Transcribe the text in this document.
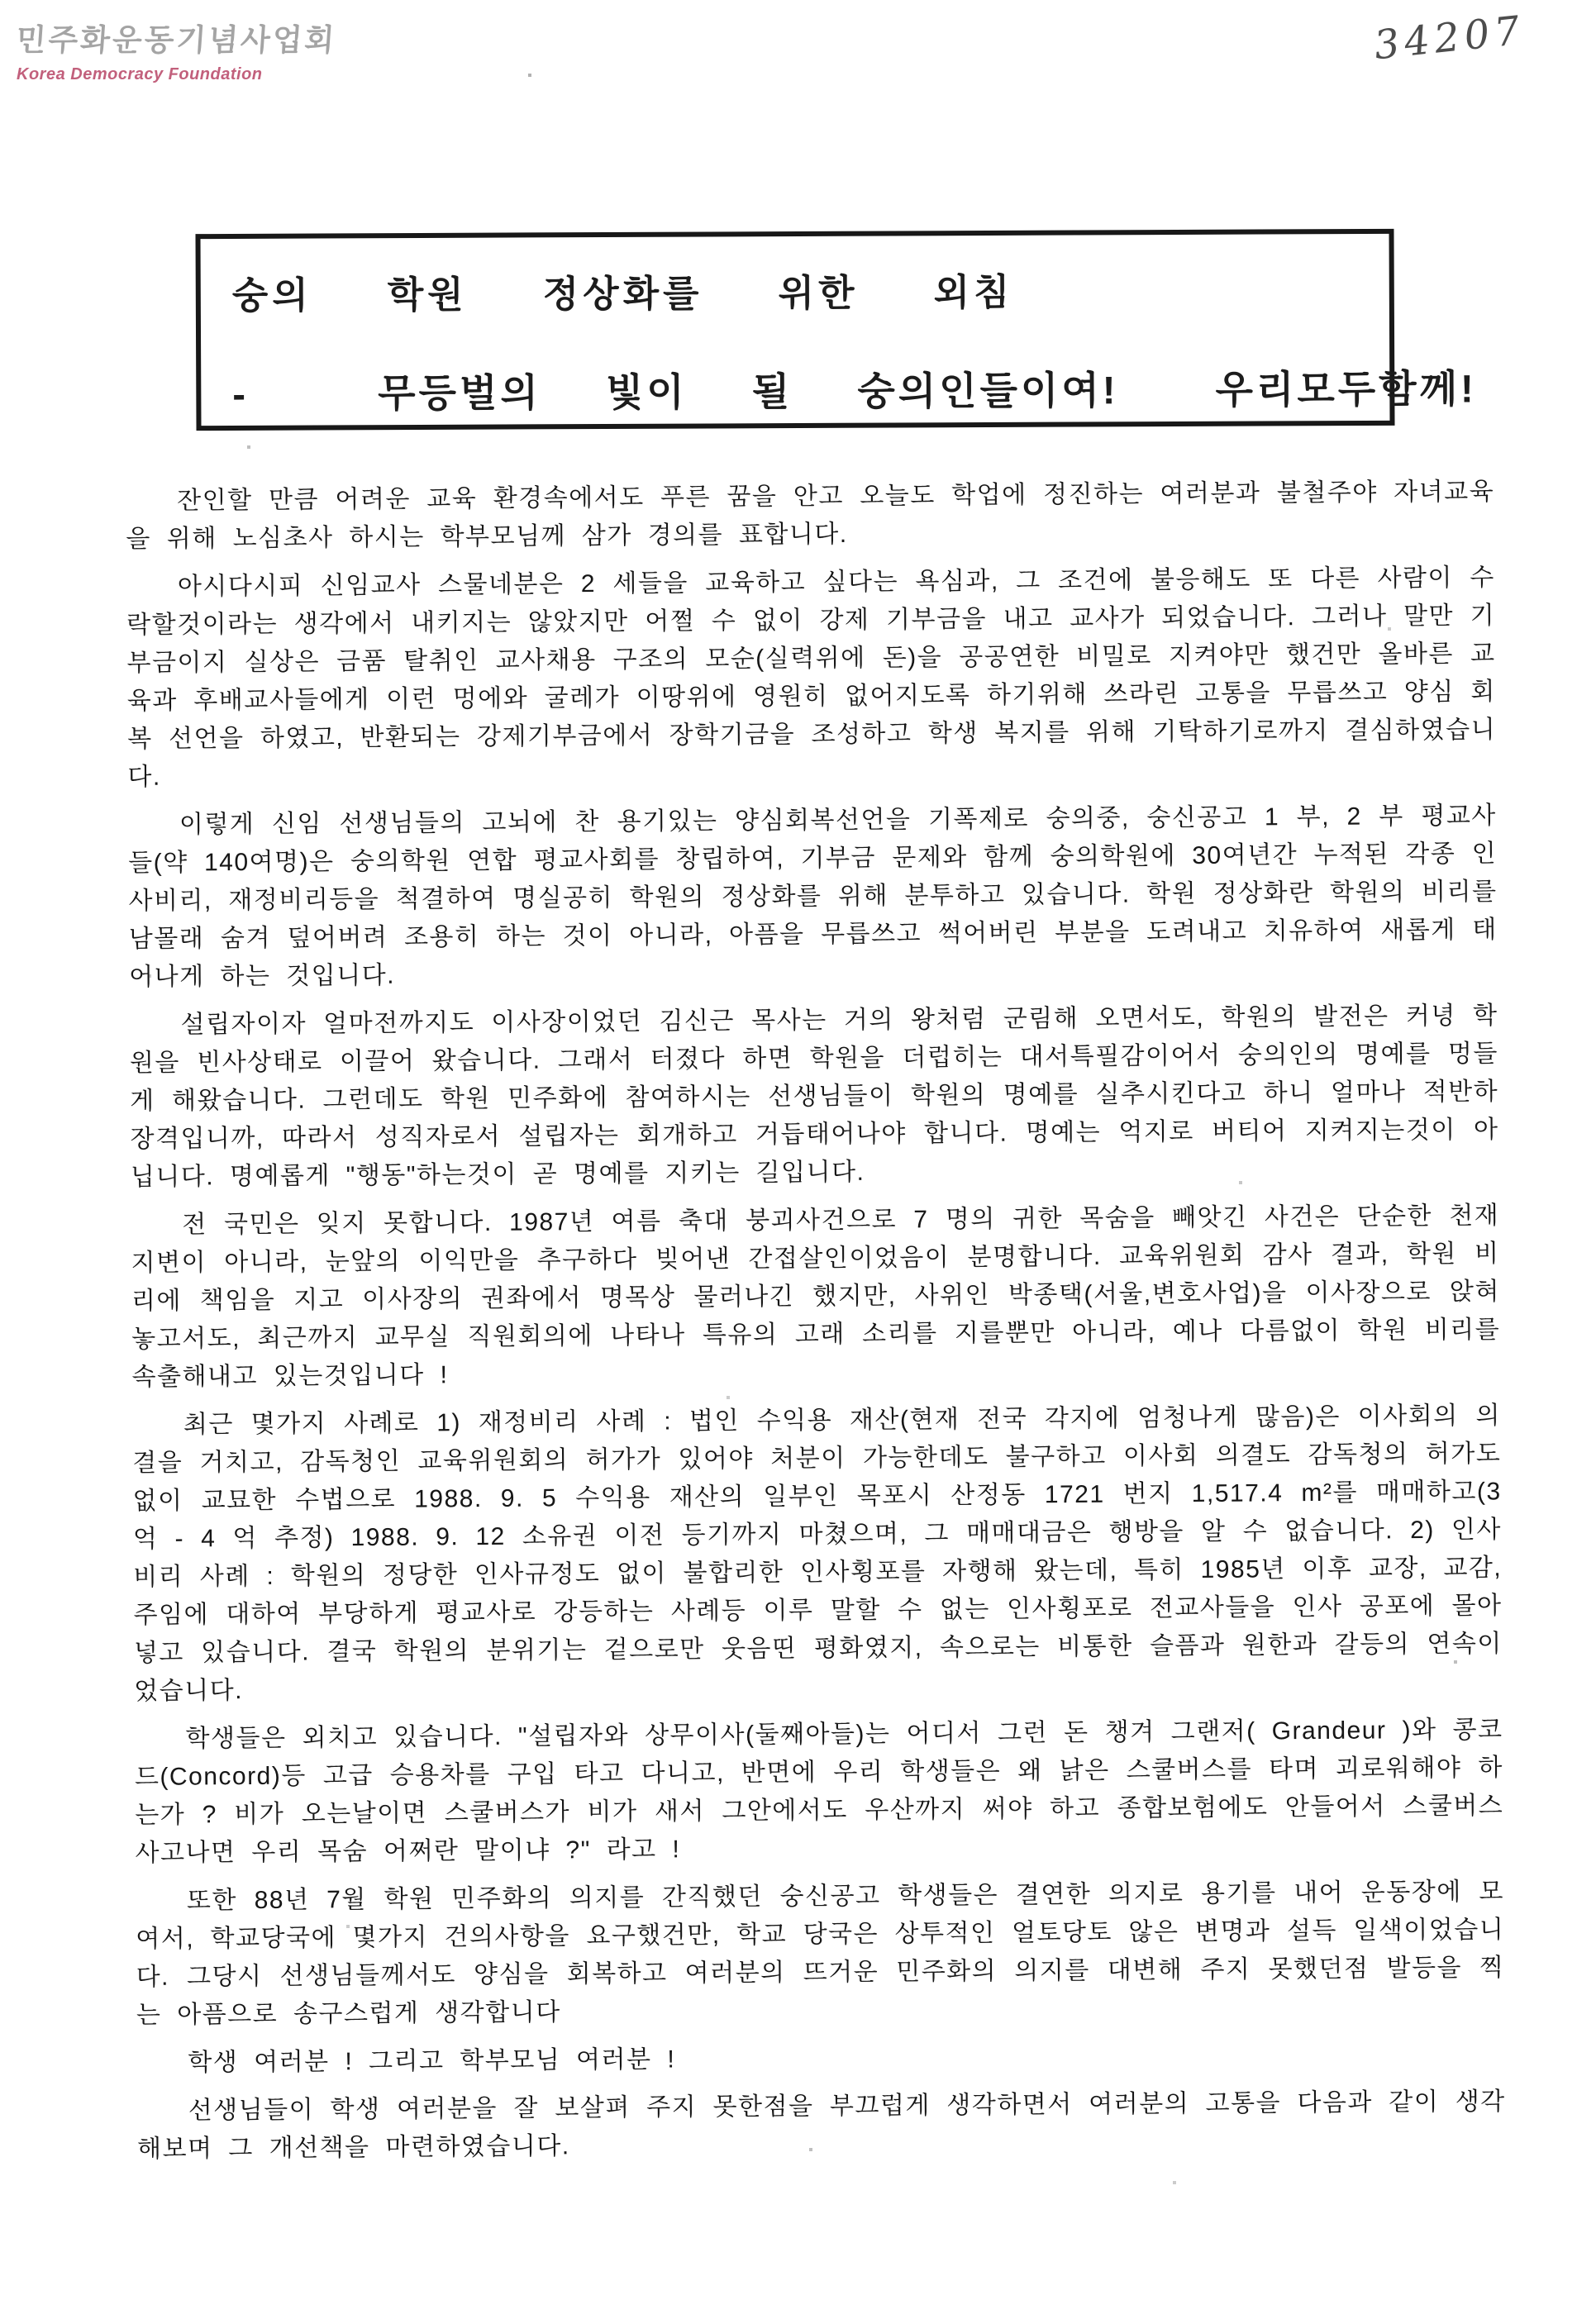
민주화운동기념사업회
Korea Democracy Foundation
34207
숭의  학원  정상화를  위한  외침
-    무등벌의  빛이  될  숭의인들이여!   우리모두함께!

잔인할 만큼 어려운 교육 환경속에서도 푸른 꿈을 안고 오늘도 학업에 정진하는 여러분과 불철주야 자녀교육을 위해 노심초사 하시는 학부모님께 삼가 경의를 표합니다.

아시다시피 신임교사 스물네분은 2 세들을 교육하고 싶다는 욕심과, 그 조건에 불응해도 또 다른 사람이 수락할것이라는 생각에서 내키지는 않았지만 어쩔 수 없이 강제 기부금을 내고 교사가 되었습니다. 그러나 말만 기부금이지 실상은 금품 탈취인 교사채용 구조의 모순(실력위에 돈)을 공공연한 비밀로 지켜야만 했건만 올바른 교육과 후배교사들에게 이런 멍에와 굴레가 이땅위에 영원히 없어지도록 하기위해 쓰라린 고통을 무릅쓰고 양심 회복 선언을 하였고, 반환되는 강제기부금에서 장학기금을 조성하고 학생 복지를 위해 기탁하기로까지 결심하였습니다.

이렇게 신임 선생님들의 고뇌에 찬 용기있는 양심회복선언을 기폭제로 숭의중, 숭신공고 1 부, 2 부 평교사들(약 140여명)은 숭의학원 연합 평교사회를 창립하여, 기부금 문제와 함께 숭의학원에 30여년간 누적된 각종 인사비리, 재정비리등을 척결하여 명실공히 학원의 정상화를 위해 분투하고 있습니다. 학원 정상화란 학원의 비리를 남몰래 숨겨 덮어버려 조용히 하는 것이 아니라, 아픔을 무릅쓰고 썩어버린 부분을 도려내고 치유하여 새롭게 태어나게 하는 것입니다.

설립자이자 얼마전까지도 이사장이었던 김신근 목사는 거의 왕처럼 군림해 오면서도, 학원의 발전은 커녕 학원을 빈사상태로 이끌어 왔습니다. 그래서 터졌다 하면 학원을 더럽히는 대서특필감이어서 숭의인의 명예를 멍들게 해왔습니다. 그런데도 학원 민주화에 참여하시는 선생님들이 학원의 명예를 실추시킨다고 하니 얼마나 적반하장격입니까, 따라서 성직자로서 설립자는 회개하고 거듭태어나야 합니다. 명예는 억지로 버티어 지켜지는것이 아닙니다. 명예롭게 "행동"하는것이 곧 명예를 지키는 길입니다.

전 국민은 잊지 못합니다. 1987년 여름 축대 붕괴사건으로 7 명의 귀한 목숨을 빼앗긴 사건은 단순한 천재지변이 아니라, 눈앞의 이익만을 추구하다 빚어낸 간접살인이었음이 분명합니다. 교육위원회 감사 결과, 학원 비리에 책임을 지고 이사장의 권좌에서 명목상 물러나긴 했지만, 사위인 박종택(서울,변호사업)을 이사장으로 앉혀 놓고서도, 최근까지 교무실 직원회의에 나타나 특유의 고래 소리를 지를뿐만 아니라, 예나 다름없이 학원 비리를 속출해내고 있는것입니다 !

최근 몇가지 사례로 1) 재정비리 사례 : 법인 수익용 재산(현재 전국 각지에 엄청나게 많음)은 이사회의 의결을 거치고, 감독청인 교육위원회의 허가가 있어야 처분이 가능한데도 불구하고 이사회 의결도 감독청의 허가도 없이 교묘한 수법으로 1988. 9. 5 수익용 재산의 일부인 목포시 산정동 1721 번지 1,517.4 m²를 매매하고(3 억 - 4 억 추정) 1988. 9. 12 소유권 이전 등기까지 마쳤으며, 그 매매대금은 행방을 알 수 없습니다. 2) 인사비리 사례 : 학원의 정당한 인사규정도 없이 불합리한 인사횡포를 자행해 왔는데, 특히 1985년 이후 교장, 교감, 주임에 대하여 부당하게 평교사로 강등하는 사례등 이루 말할 수 없는 인사횡포로 전교사들을 인사 공포에 몰아넣고 있습니다. 결국 학원의 분위기는 겉으로만 웃음띤 평화였지, 속으로는 비통한 슬픔과 원한과 갈등의 연속이었습니다.

학생들은 외치고 있습니다. "설립자와 상무이사(둘째아들)는 어디서 그런 돈 챙겨 그랜저( Grandeur )와 콩코드(Concord)등 고급 승용차를 구입 타고 다니고, 반면에 우리 학생들은 왜 낡은 스쿨버스를 타며 괴로워해야 하는가 ? 비가 오는날이면 스쿨버스가 비가 새서 그안에서도 우산까지 써야 하고 종합보험에도 안들어서 스쿨버스 사고나면 우리 목숨 어쩌란 말이냐 ?" 라고 !

또한 88년 7월 학원 민주화의 의지를 간직했던 숭신공고 학생들은 결연한 의지로 용기를 내어 운동장에 모여서, 학교당국에 몇가지 건의사항을 요구했건만, 학교 당국은 상투적인 얼토당토 않은 변명과 설득 일색이었습니다. 그당시 선생님들께서도 양심을 회복하고 여러분의 뜨거운 민주화의 의지를 대변해 주지 못했던점 발등을 찍는 아픔으로 송구스럽게 생각합니다

학생 여러분 ! 그리고 학부모님 여러분 !

선생님들이 학생 여러분을 잘 보살펴 주지 못한점을 부끄럽게 생각하면서 여러분의 고통을 다음과 같이 생각해보며 그 개선책을 마련하였습니다.
